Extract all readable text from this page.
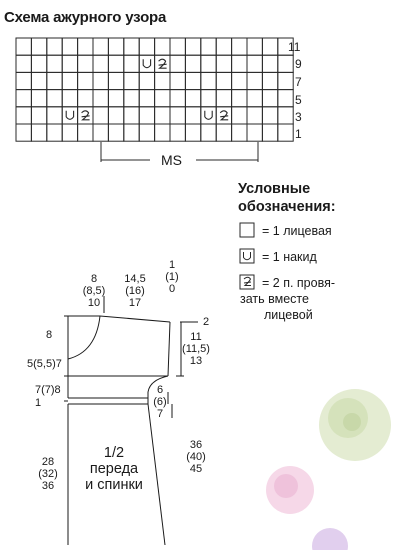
Схема ажурного узора
11
9
7
5
3
1
MS
Условные
обозначения:
= 1 лицевая
= 1 накид
= 2 п. провя-
зать вместе
лицевой
8
(8,5)
10
14,5
(16)
17
1
(1)
0
8
5(5,5)7
7(7)8
1
28
(32)
36
2
11
(11,5)
13
6
(6)
7
36
(40)
45
1/2
переда
и спинки
